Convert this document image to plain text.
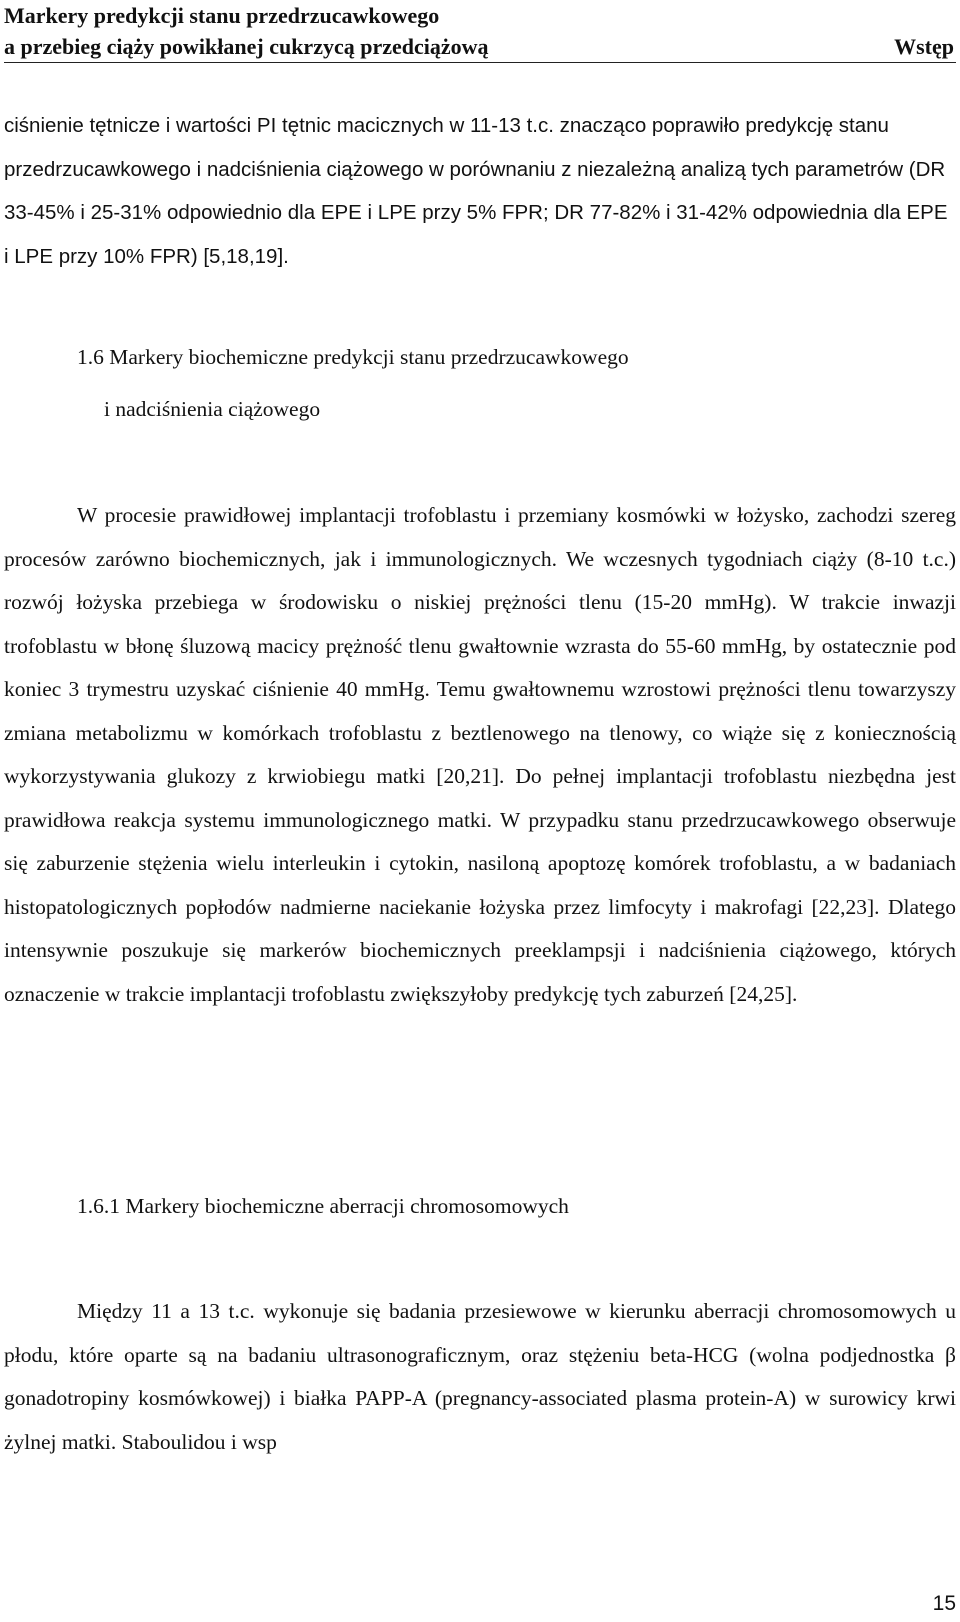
Markery predykcji stanu przedrzucawkowego
a przebieg ciąży powikłanej cukrzycą przedciążową	Wstęp

ciśnienie tętnicze i wartości PI tętnic macicznych w 11-13 t.c. znacząco poprawiło predykcję stanu przedrzucawkowego i nadciśnienia ciążowego w porównaniu z niezależną analizą tych parametrów (DR 33-45% i 25-31% odpowiednio dla EPE i LPE przy 5% FPR; DR 77-82% i 31-42% odpowiednia dla EPE i LPE przy 10% FPR) [5,18,19].

1.6 Markery biochemiczne predykcji stanu przedrzucawkowego

i nadciśnienia ciążowego

W procesie prawidłowej implantacji trofoblastu i przemiany kosmówki w łożysko, zachodzi szereg procesów zarówno biochemicznych, jak i immunologicznych. We wczesnych tygodniach ciąży (8-10 t.c.) rozwój łożyska przebiega w środowisku o niskiej prężności tlenu (15-20 mmHg). W trakcie inwazji trofoblastu w błonę śluzową macicy prężność tlenu gwałtownie wzrasta do 55-60 mmHg, by ostatecznie pod koniec 3 trymestru uzyskać ciśnienie 40 mmHg. Temu gwałtownemu wzrostowi prężności tlenu towarzyszy zmiana metabolizmu w komórkach trofoblastu z beztlenowego na tlenowy, co wiąże się z koniecznością wykorzystywania glukozy z krwiobiegu matki [20,21]. Do pełnej implantacji trofoblastu niezbędna jest prawidłowa reakcja systemu immunologicznego matki. W przypadku stanu przedrzucawkowego obserwuje się zaburzenie stężenia wielu interleukin i cytokin, nasiloną apoptozę komórek trofoblastu, a w badaniach histopatologicznych popłodów nadmierne naciekanie łożyska przez limfocyty i makrofagi [22,23]. Dlatego intensywnie poszukuje się markerów biochemicznych preeklampsji i nadciśnienia ciążowego, których oznaczenie w trakcie implantacji trofoblastu zwiększyłoby predykcję tych zaburzeń [24,25].

1.6.1 Markery biochemiczne aberracji chromosomowych

Między 11 a 13 t.c. wykonuje się badania przesiewowe w kierunku aberracji chromosomowych u płodu, które oparte są na badaniu ultrasonograficznym, oraz stężeniu beta-HCG (wolna podjednostka β gonadotropiny kosmówkowej) i białka PAPP-A (pregnancy-associated plasma protein-A) w surowicy krwi żylnej matki. Staboulidou i wsp

15
